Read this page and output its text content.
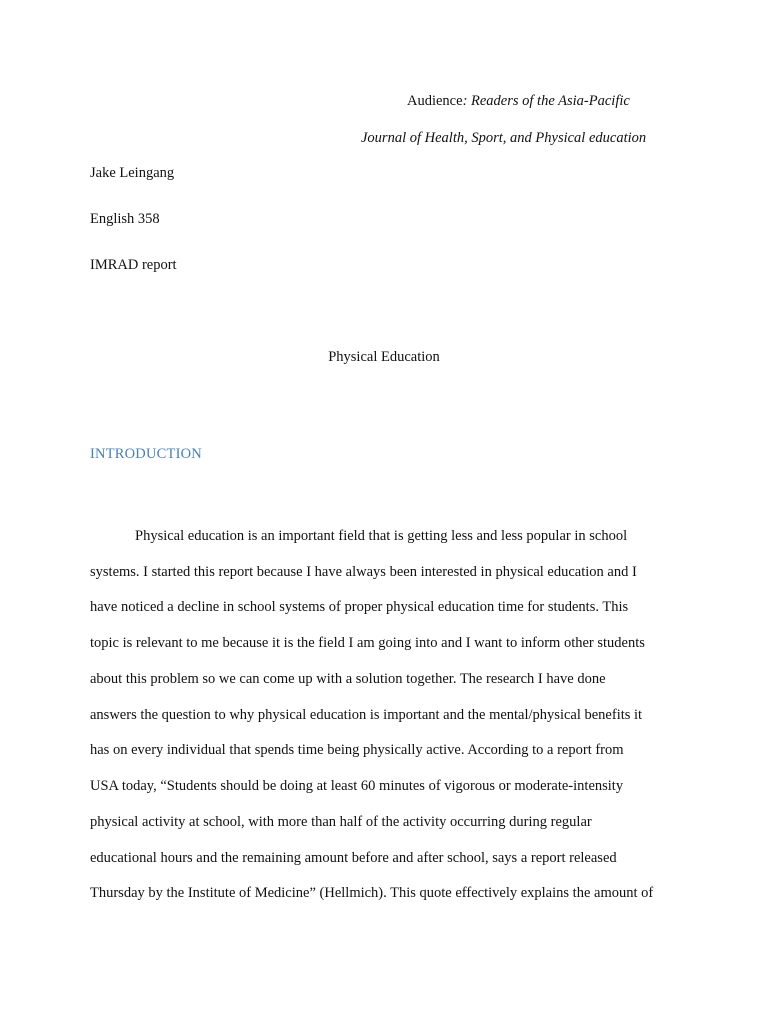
Audience: Readers of the Asia-Pacific
Journal of Health, Sport, and Physical education
Jake Leingang
English 358
IMRAD report
Physical Education
INTRODUCTION
Physical education is an important field that is getting less and less popular in school
systems. I started this report because I have always been interested in physical education and I
have noticed a decline in school systems of proper physical education time for students. This
topic is relevant to me because it is the field I am going into and I want to inform other students
about this problem so we can come up with a solution together. The research I have done
answers the question to why physical education is important and the mental/physical benefits it
has on every individual that spends time being physically active. According to a report from
USA today, “Students should be doing at least 60 minutes of vigorous or moderate-intensity
physical activity at school, with more than half of the activity occurring during regular
educational hours and the remaining amount before and after school, says a report released
Thursday by the Institute of Medicine” (Hellmich). This quote effectively explains the amount of
